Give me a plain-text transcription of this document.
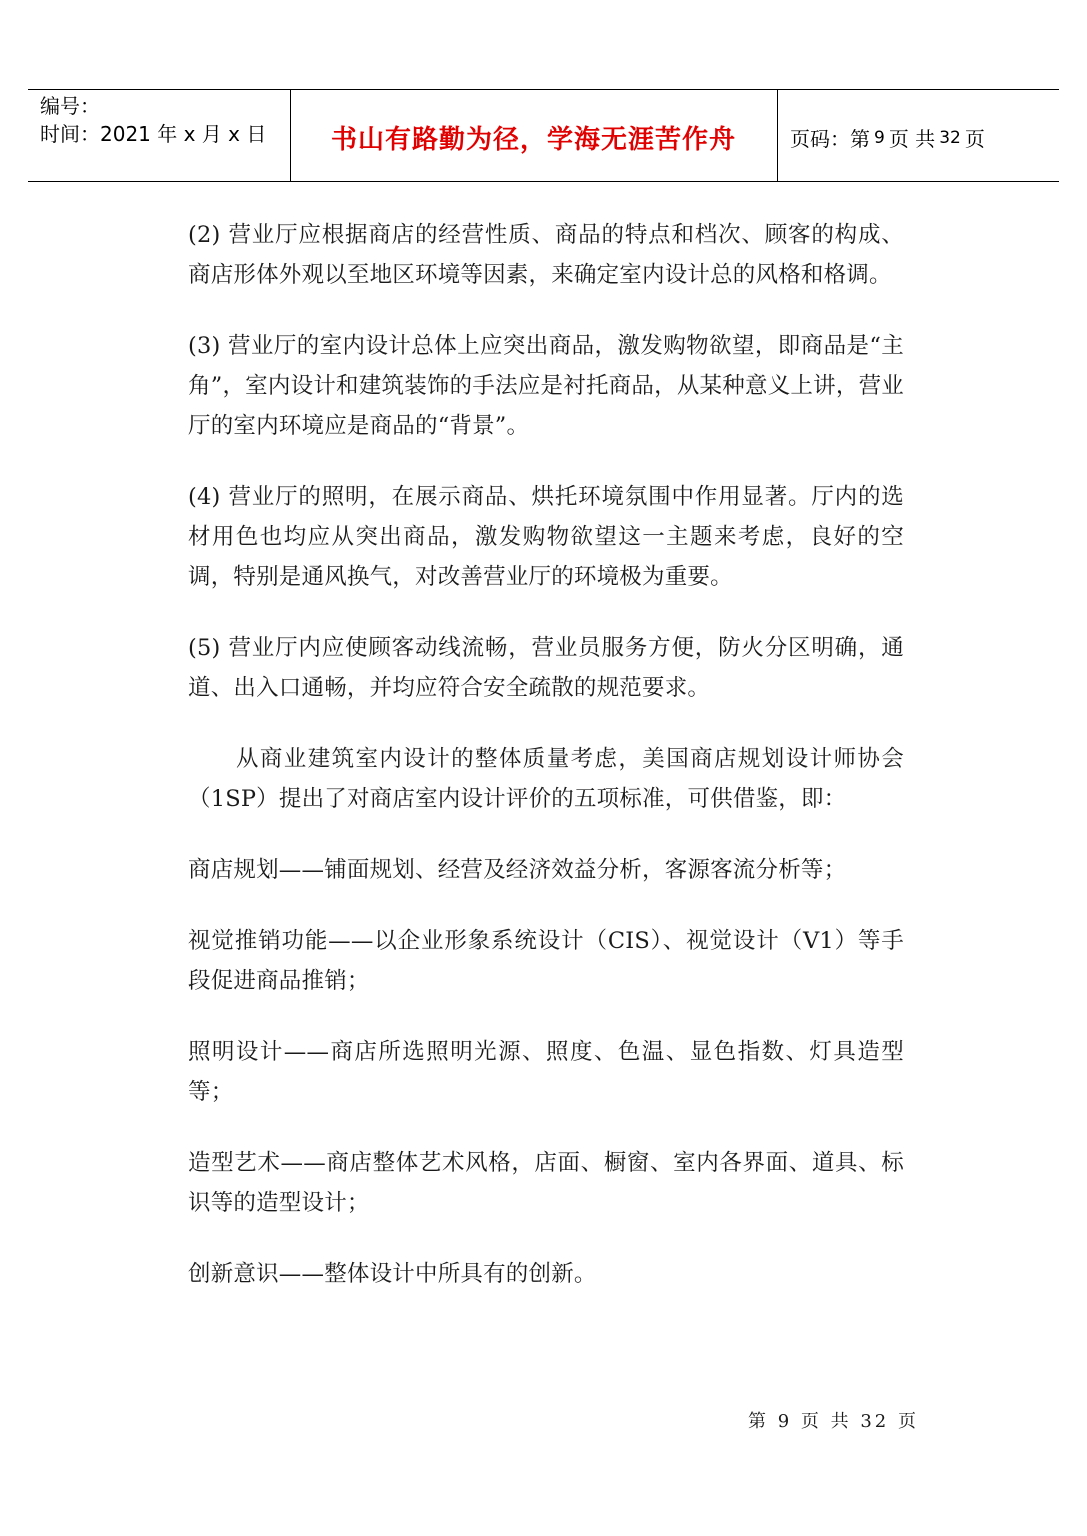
编号：
时间：2021 年 x 月 x 日	书山有路勤为径，学海无涯苦作舟	页码：第 9 页 共 32 页

(2) 营业厅应根据商店的经营性质、商品的特点和档次、顾客的构成、商店形体外观以至地区环境等因素，来确定室内设计总的风格和格调。

(3) 营业厅的室内设计总体上应突出商品，激发购物欲望，即商品是“主角”，室内设计和建筑装饰的手法应是衬托商品，从某种意义上讲，营业厅的室内环境应是商品的“背景”。

(4) 营业厅的照明，在展示商品、烘托环境氛围中作用显著。厅内的选材用色也均应从突出商品，激发购物欲望这一主题来考虑，良好的空调，特别是通风换气，对改善营业厅的环境极为重要。

(5) 营业厅内应使顾客动线流畅，营业员服务方便，防火分区明确，通道、出入口通畅，并均应符合安全疏散的规范要求。

从商业建筑室内设计的整体质量考虑，美国商店规划设计师协会（1SP）提出了对商店室内设计评价的五项标准，可供借鉴，即：

商店规划——铺面规划、经营及经济效益分析，客源客流分析等；

视觉推销功能——以企业形象系统设计（CIS）、视觉设计（V1）等手段促进商品推销；

照明设计——商店所选照明光源、照度、色温、显色指数、灯具造型等；

造型艺术——商店整体艺术风格，店面、橱窗、室内各界面、道具、标识等的造型设计；

创新意识——整体设计中所具有的创新。

第 9 页 共 32 页
